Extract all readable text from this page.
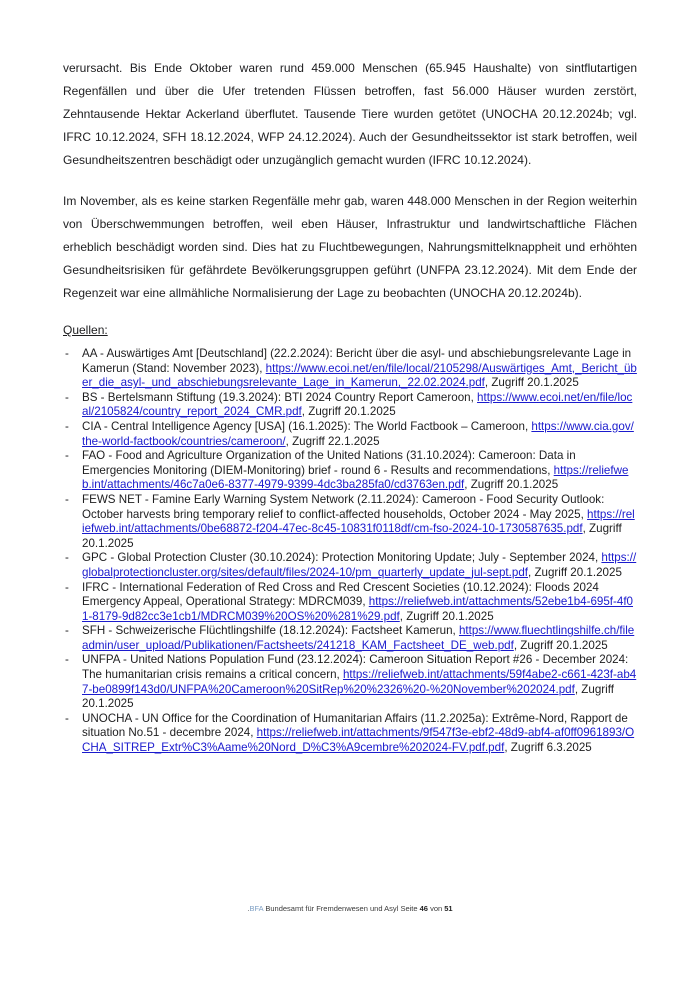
verursacht. Bis Ende Oktober waren rund 459.000 Menschen (65.945 Haushalte) von sintflutartigen Regenfällen und über die Ufer tretenden Flüssen betroffen, fast 56.000 Häuser wurden zerstört, Zehntausende Hektar Ackerland überflutet. Tausende Tiere wurden getötet (UNOCHA 20.12.2024b; vgl. IFRC 10.12.2024, SFH 18.12.2024, WFP 24.12.2024). Auch der Gesundheitssektor ist stark betroffen, weil Gesundheitszentren beschädigt oder unzugänglich gemacht wurden (IFRC 10.12.2024).

Im November, als es keine starken Regenfälle mehr gab, waren 448.000 Menschen in der Region weiterhin von Überschwemmungen betroffen, weil eben Häuser, Infrastruktur und landwirtschaftliche Flächen erheblich beschädigt worden sind. Dies hat zu Fluchtbewegungen, Nahrungsmittelknappheit und erhöhten Gesundheitsrisiken für gefährdete Bevölkerungsgruppen geführt (UNFPA 23.12.2024). Mit dem Ende der Regenzeit war eine allmähliche Normalisierung der Lage zu beobachten (UNOCHA 20.12.2024b).

Quellen:
- AA - Auswärtiges Amt [Deutschland] (22.2.2024): Bericht über die asyl- und abschiebungsrelevante Lage in Kamerun (Stand: November 2023), https://www.ecoi.net/en/file/local/2105298/Auswärtiges_Amt,_Bericht_über_die_asyl-_und_abschiebungsrelevante_Lage_in_Kamerun,_22.02.2024.pdf, Zugriff 20.1.2025
- BS - Bertelsmann Stiftung (19.3.2024): BTI 2024 Country Report Cameroon, https://www.ecoi.net/en/file/local/2105824/country_report_2024_CMR.pdf, Zugriff 20.1.2025
- CIA - Central Intelligence Agency [USA] (16.1.2025): The World Factbook – Cameroon, https://www.cia.gov/the-world-factbook/countries/cameroon/, Zugriff 22.1.2025
- FAO - Food and Agriculture Organization of the United Nations (31.10.2024): Cameroon: Data in Emergencies Monitoring (DIEM-Monitoring) brief - round 6 - Results and recommendations, https://reliefweb.int/attachments/46c7a0e6-8377-4979-9399-4dc3ba285fa0/cd3763en.pdf, Zugriff 20.1.2025
- FEWS NET - Famine Early Warning System Network (2.11.2024): Cameroon - Food Security Outlook: October harvests bring temporary relief to conflict-affected households, October 2024 - May 2025, https://reliefweb.int/attachments/0be68872-f204-47ec-8c45-10831f0118df/cm-fso-2024-10-1730587635.pdf, Zugriff 20.1.2025
- GPC - Global Protection Cluster (30.10.2024): Protection Monitoring Update; July - September 2024, https://globalprotectioncluster.org/sites/default/files/2024-10/pm_quarterly_update_jul-sept.pdf, Zugriff 20.1.2025
- IFRC - International Federation of Red Cross and Red Crescent Societies (10.12.2024): Floods 2024 Emergency Appeal, Operational Strategy: MDRCM039, https://reliefweb.int/attachments/52ebe1b4-695f-4f01-8179-9d82cc3e1cb1/MDRCM039%20OS%20%281%29.pdf, Zugriff 20.1.2025
- SFH - Schweizerische Flüchtlingshilfe (18.12.2024): Factsheet Kamerun, https://www.fluechtlingshilfe.ch/fileadmin/user_upload/Publikationen/Factsheets/241218_KAM_Factsheet_DE_web.pdf, Zugriff 20.1.2025
- UNFPA - United Nations Population Fund (23.12.2024): Cameroon Situation Report #26 - December 2024: The humanitarian crisis remains a critical concern, https://reliefweb.int/attachments/59f4abe2-c661-423f-ab47-be0899f143d0/UNFPA%20Cameroon%20SitRep%20%2326%20-%20November%202024.pdf, Zugriff 20.1.2025
- UNOCHA - UN Office for the Coordination of Humanitarian Affairs (11.2.2025a): Extrême-Nord, Rapport de situation No.51 - decembre 2024, https://reliefweb.int/attachments/9f547f3e-ebf2-48d9-abf4-af0ff0961893/OCHA_SITREP_Extr%C3%Aame%20Nord_D%C3%A9cembre%202024-FV.pdf.pdf, Zugriff 6.3.2025
.BFA Bundesamt für Fremdenwesen und Asyl Seite 46 von 51
